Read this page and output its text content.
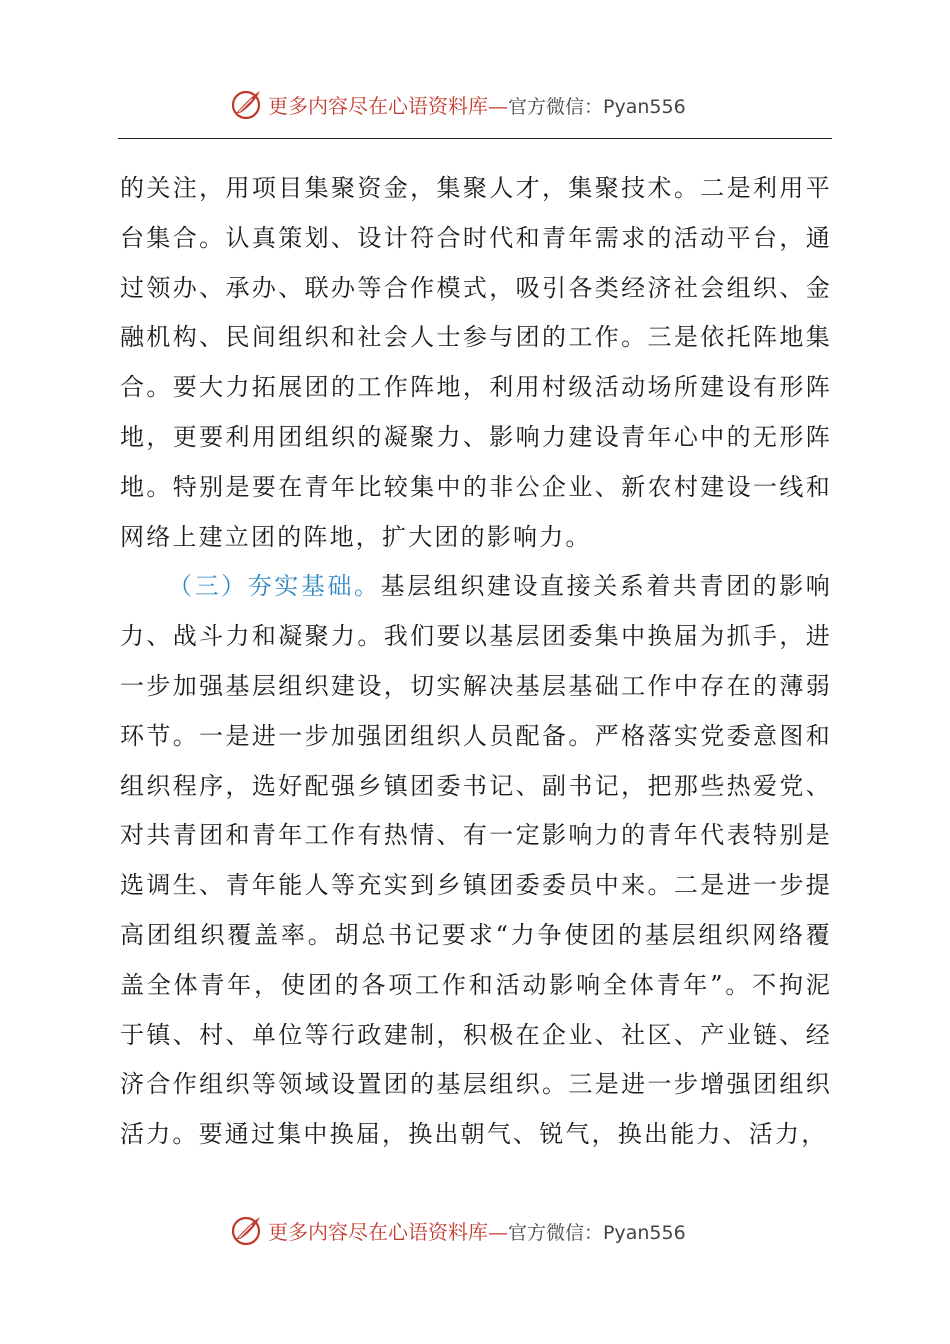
更多内容尽在心语资料库—官方微信：Pyan556

的关注，用项目集聚资金，集聚人才，集聚技术。二是利用平台集合。认真策划、设计符合时代和青年需求的活动平台，通过领办、承办、联办等合作模式，吸引各类经济社会组织、金融机构、民间组织和社会人士参与团的工作。三是依托阵地集合。要大力拓展团的工作阵地，利用村级活动场所建设有形阵地，更要利用团组织的凝聚力、影响力建设青年心中的无形阵地。特别是要在青年比较集中的非公企业、新农村建设一线和网络上建立团的阵地，扩大团的影响力。

（三）夯实基础。基层组织建设直接关系着共青团的影响力、战斗力和凝聚力。我们要以基层团委集中换届为抓手，进一步加强基层组织建设，切实解决基层基础工作中存在的薄弱环节。一是进一步加强团组织人员配备。严格落实党委意图和组织程序，选好配强乡镇团委书记、副书记，把那些热爱党、对共青团和青年工作有热情、有一定影响力的青年代表特别是选调生、青年能人等充实到乡镇团委委员中来。二是进一步提高团组织覆盖率。胡总书记要求“力争使团的基层组织网络覆盖全体青年，使团的各项工作和活动影响全体青年”。不拘泥于镇、村、单位等行政建制，积极在企业、社区、产业链、经济合作组织等领域设置团的基层组织。三是进一步增强团组织活力。要通过集中换届，换出朝气、锐气，换出能力、活力，

更多内容尽在心语资料库—官方微信：Pyan556
